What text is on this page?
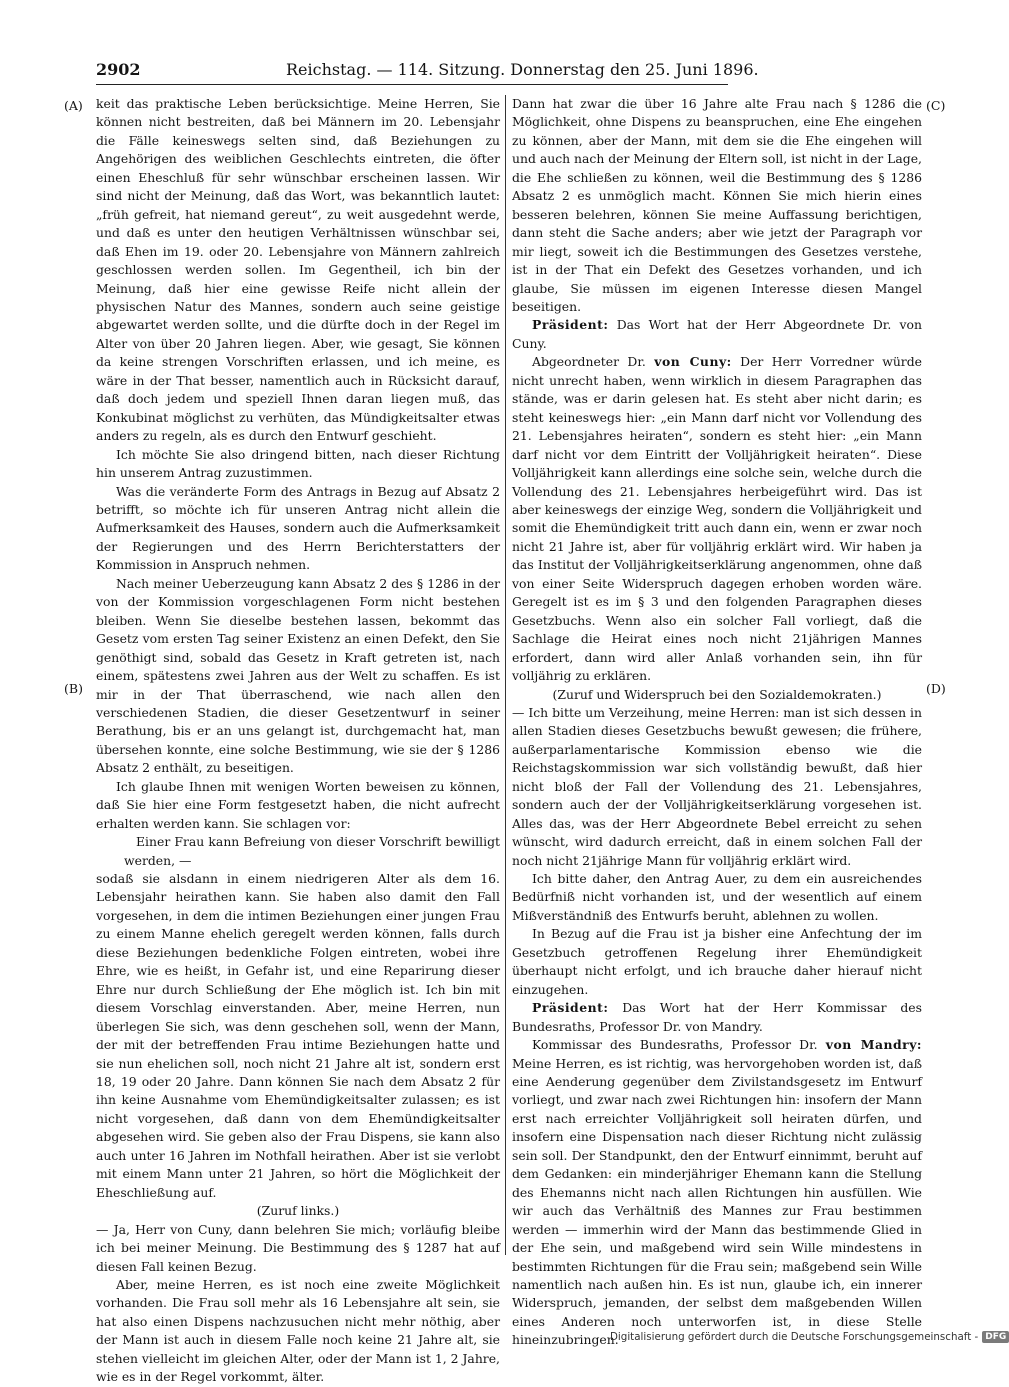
2902	Reichstag. — 114. Sitzung. Donnerstag den 25. Juni 1896.
(A)
(B)
(C)
(D)

keit das praktische Leben berücksichtige. Meine Herren, Sie können nicht bestreiten, daß bei Männern im 20. Lebensjahr die Fälle keineswegs selten sind, daß Beziehungen zu Angehörigen des weiblichen Geschlechts eintreten, die öfter einen Eheschluß für sehr wünschbar erscheinen lassen. Wir sind nicht der Meinung, daß das Wort, was bekanntlich lautet: „früh gefreit, hat niemand gereut“, zu weit ausgedehnt werde, und daß es unter den heutigen Verhältnissen wünschbar sei, daß Ehen im 19. oder 20. Lebensjahre von Männern zahlreich geschlossen werden sollen. Im Gegentheil, ich bin der Meinung, daß hier eine gewisse Reife nicht allein der physischen Natur des Mannes, sondern auch seine geistige abgewartet werden sollte, und die dürfte doch in der Regel im Alter von über 20 Jahren liegen. Aber, wie gesagt, Sie können da keine strengen Vorschriften erlassen, und ich meine, es wäre in der That besser, namentlich auch in Rücksicht darauf, daß doch jedem und speziell Ihnen daran liegen muß, das Konkubinat möglichst zu verhüten, das Mündigkeitsalter etwas anders zu regeln, als es durch den Entwurf geschieht.

Ich möchte Sie also dringend bitten, nach dieser Richtung hin unserem Antrag zuzustimmen.

Was die veränderte Form des Antrags in Bezug auf Absatz 2 betrifft, so möchte ich für unseren Antrag nicht allein die Aufmerksamkeit des Hauses, sondern auch die Aufmerksamkeit der Regierungen und des Herrn Berichterstatters der Kommission in Anspruch nehmen.

Nach meiner Ueberzeugung kann Absatz 2 des § 1286 in der von der Kommission vorgeschlagenen Form nicht bestehen bleiben. Wenn Sie dieselbe bestehen lassen, bekommt das Gesetz vom ersten Tag seiner Existenz an einen Defekt, den Sie genöthigt sind, sobald das Gesetz in Kraft getreten ist, nach einem, spätestens zwei Jahren aus der Welt zu schaffen. Es ist mir in der That überraschend, wie nach allen den verschiedenen Stadien, die dieser Gesetzentwurf in seiner Berathung, bis er an uns gelangt ist, durchgemacht hat, man übersehen konnte, eine solche Bestimmung, wie sie der § 1286 Absatz 2 enthält, zu beseitigen.

Ich glaube Ihnen mit wenigen Worten beweisen zu können, daß Sie hier eine Form festgesetzt haben, die nicht aufrecht erhalten werden kann. Sie schlagen vor:

Einer Frau kann Befreiung von dieser Vorschrift bewilligt werden, —

sodaß sie alsdann in einem niedrigeren Alter als dem 16. Lebensjahr heirathen kann. Sie haben also damit den Fall vorgesehen, in dem die intimen Beziehungen einer jungen Frau zu einem Manne ehelich geregelt werden können, falls durch diese Beziehungen bedenkliche Folgen eintreten, wobei ihre Ehre, wie es heißt, in Gefahr ist, und eine Reparirung dieser Ehre nur durch Schließung der Ehe möglich ist. Ich bin mit diesem Vorschlag einverstanden. Aber, meine Herren, nun überlegen Sie sich, was denn geschehen soll, wenn der Mann, der mit der betreffenden Frau intime Beziehungen hatte und sie nun ehelichen soll, noch nicht 21 Jahre alt ist, sondern erst 18, 19 oder 20 Jahre. Dann können Sie nach dem Absatz 2 für ihn keine Ausnahme vom Ehemündigkeitsalter zulassen; es ist nicht vorgesehen, daß dann von dem Ehemündigkeitsalter abgesehen wird. Sie geben also der Frau Dispens, sie kann also auch unter 16 Jahren im Nothfall heirathen. Aber ist sie verlobt mit einem Mann unter 21 Jahren, so hört die Möglichkeit der Eheschließung auf.

(Zuruf links.)

— Ja, Herr von Cuny, dann belehren Sie mich; vorläufig bleibe ich bei meiner Meinung. Die Bestimmung des § 1287 hat auf diesen Fall keinen Bezug.

Aber, meine Herren, es ist noch eine zweite Möglichkeit vorhanden. Die Frau soll mehr als 16 Lebensjahre alt sein, sie hat also einen Dispens nachzusuchen nicht mehr nöthig, aber der Mann ist auch in diesem Falle noch keine 21 Jahre alt, sie stehen vielleicht im gleichen Alter, oder der Mann ist 1, 2 Jahre, wie es in der Regel vorkommt, älter.

Dann hat zwar die über 16 Jahre alte Frau nach § 1286 die Möglichkeit, ohne Dispens zu beanspruchen, eine Ehe eingehen zu können, aber der Mann, mit dem sie die Ehe eingehen will und auch nach der Meinung der Eltern soll, ist nicht in der Lage, die Ehe schließen zu können, weil die Bestimmung des § 1286 Absatz 2 es unmöglich macht. Können Sie mich hierin eines besseren belehren, können Sie meine Auffassung berichtigen, dann steht die Sache anders; aber wie jetzt der Paragraph vor mir liegt, soweit ich die Bestimmungen des Gesetzes verstehe, ist in der That ein Defekt des Gesetzes vorhanden, und ich glaube, Sie müssen im eigenen Interesse diesen Mangel beseitigen.

Präsident: Das Wort hat der Herr Abgeordnete Dr. von Cuny.

Abgeordneter Dr. von Cuny: Der Herr Vorredner würde nicht unrecht haben, wenn wirklich in diesem Paragraphen das stände, was er darin gelesen hat. Es steht aber nicht darin; es steht keineswegs hier: „ein Mann darf nicht vor Vollendung des 21. Lebensjahres heiraten“, sondern es steht hier: „ein Mann darf nicht vor dem Eintritt der Volljährigkeit heiraten“. Diese Volljährigkeit kann allerdings eine solche sein, welche durch die Vollendung des 21. Lebensjahres herbeigeführt wird. Das ist aber keineswegs der einzige Weg, sondern die Volljährigkeit und somit die Ehemündigkeit tritt auch dann ein, wenn er zwar noch nicht 21 Jahre ist, aber für volljährig erklärt wird. Wir haben ja das Institut der Volljährigkeitserklärung angenommen, ohne daß von einer Seite Widerspruch dagegen erhoben worden wäre. Geregelt ist es im § 3 und den folgenden Paragraphen dieses Gesetzbuchs. Wenn also ein solcher Fall vorliegt, daß die Sachlage die Heirat eines noch nicht 21jährigen Mannes erfordert, dann wird aller Anlaß vorhanden sein, ihn für volljährig zu erklären.

(Zuruf und Widerspruch bei den Sozialdemokraten.)

— Ich bitte um Verzeihung, meine Herren: man ist sich dessen in allen Stadien dieses Gesetzbuchs bewußt gewesen; die frühere, außerparlamentarische Kommission ebenso wie die Reichstagskommission war sich vollständig bewußt, daß hier nicht bloß der Fall der Vollendung des 21. Lebensjahres, sondern auch der der Volljährigkeitserklärung vorgesehen ist. Alles das, was der Herr Abgeordnete Bebel erreicht zu sehen wünscht, wird dadurch erreicht, daß in einem solchen Fall der noch nicht 21jährige Mann für volljährig erklärt wird.

Ich bitte daher, den Antrag Auer, zu dem ein ausreichendes Bedürfniß nicht vorhanden ist, und der wesentlich auf einem Mißverständniß des Entwurfs beruht, ablehnen zu wollen.

In Bezug auf die Frau ist ja bisher eine Anfechtung der im Gesetzbuch getroffenen Regelung ihrer Ehemündigkeit überhaupt nicht erfolgt, und ich brauche daher hierauf nicht einzugehen.

Präsident: Das Wort hat der Herr Kommissar des Bundesraths, Professor Dr. von Mandry.

Kommissar des Bundesraths, Professor Dr. von Mandry: Meine Herren, es ist richtig, was hervorgehoben worden ist, daß eine Aenderung gegenüber dem Zivilstandsgesetz im Entwurf vorliegt, und zwar nach zwei Richtungen hin: insofern der Mann erst nach erreichter Volljährigkeit soll heiraten dürfen, und insofern eine Dispensation nach dieser Richtung nicht zulässig sein soll. Der Standpunkt, den der Entwurf einnimmt, beruht auf dem Gedanken: ein minderjähriger Ehemann kann die Stellung des Ehemanns nicht nach allen Richtungen hin ausfüllen. Wie wir auch das Verhältniß des Mannes zur Frau bestimmen werden — immerhin wird der Mann das bestimmende Glied in der Ehe sein, und maßgebend wird sein Wille mindestens in bestimmten Richtungen für die Frau sein; maßgebend sein Wille namentlich nach außen hin. Es ist nun, glaube ich, ein innerer Widerspruch, jemanden, der selbst dem maßgebenden Willen eines Anderen noch unterworfen ist, in diese Stelle hineinzubringen.

Digitalisierung gefördert durch die Deutsche Forschungsgemeinschaft - DFG
